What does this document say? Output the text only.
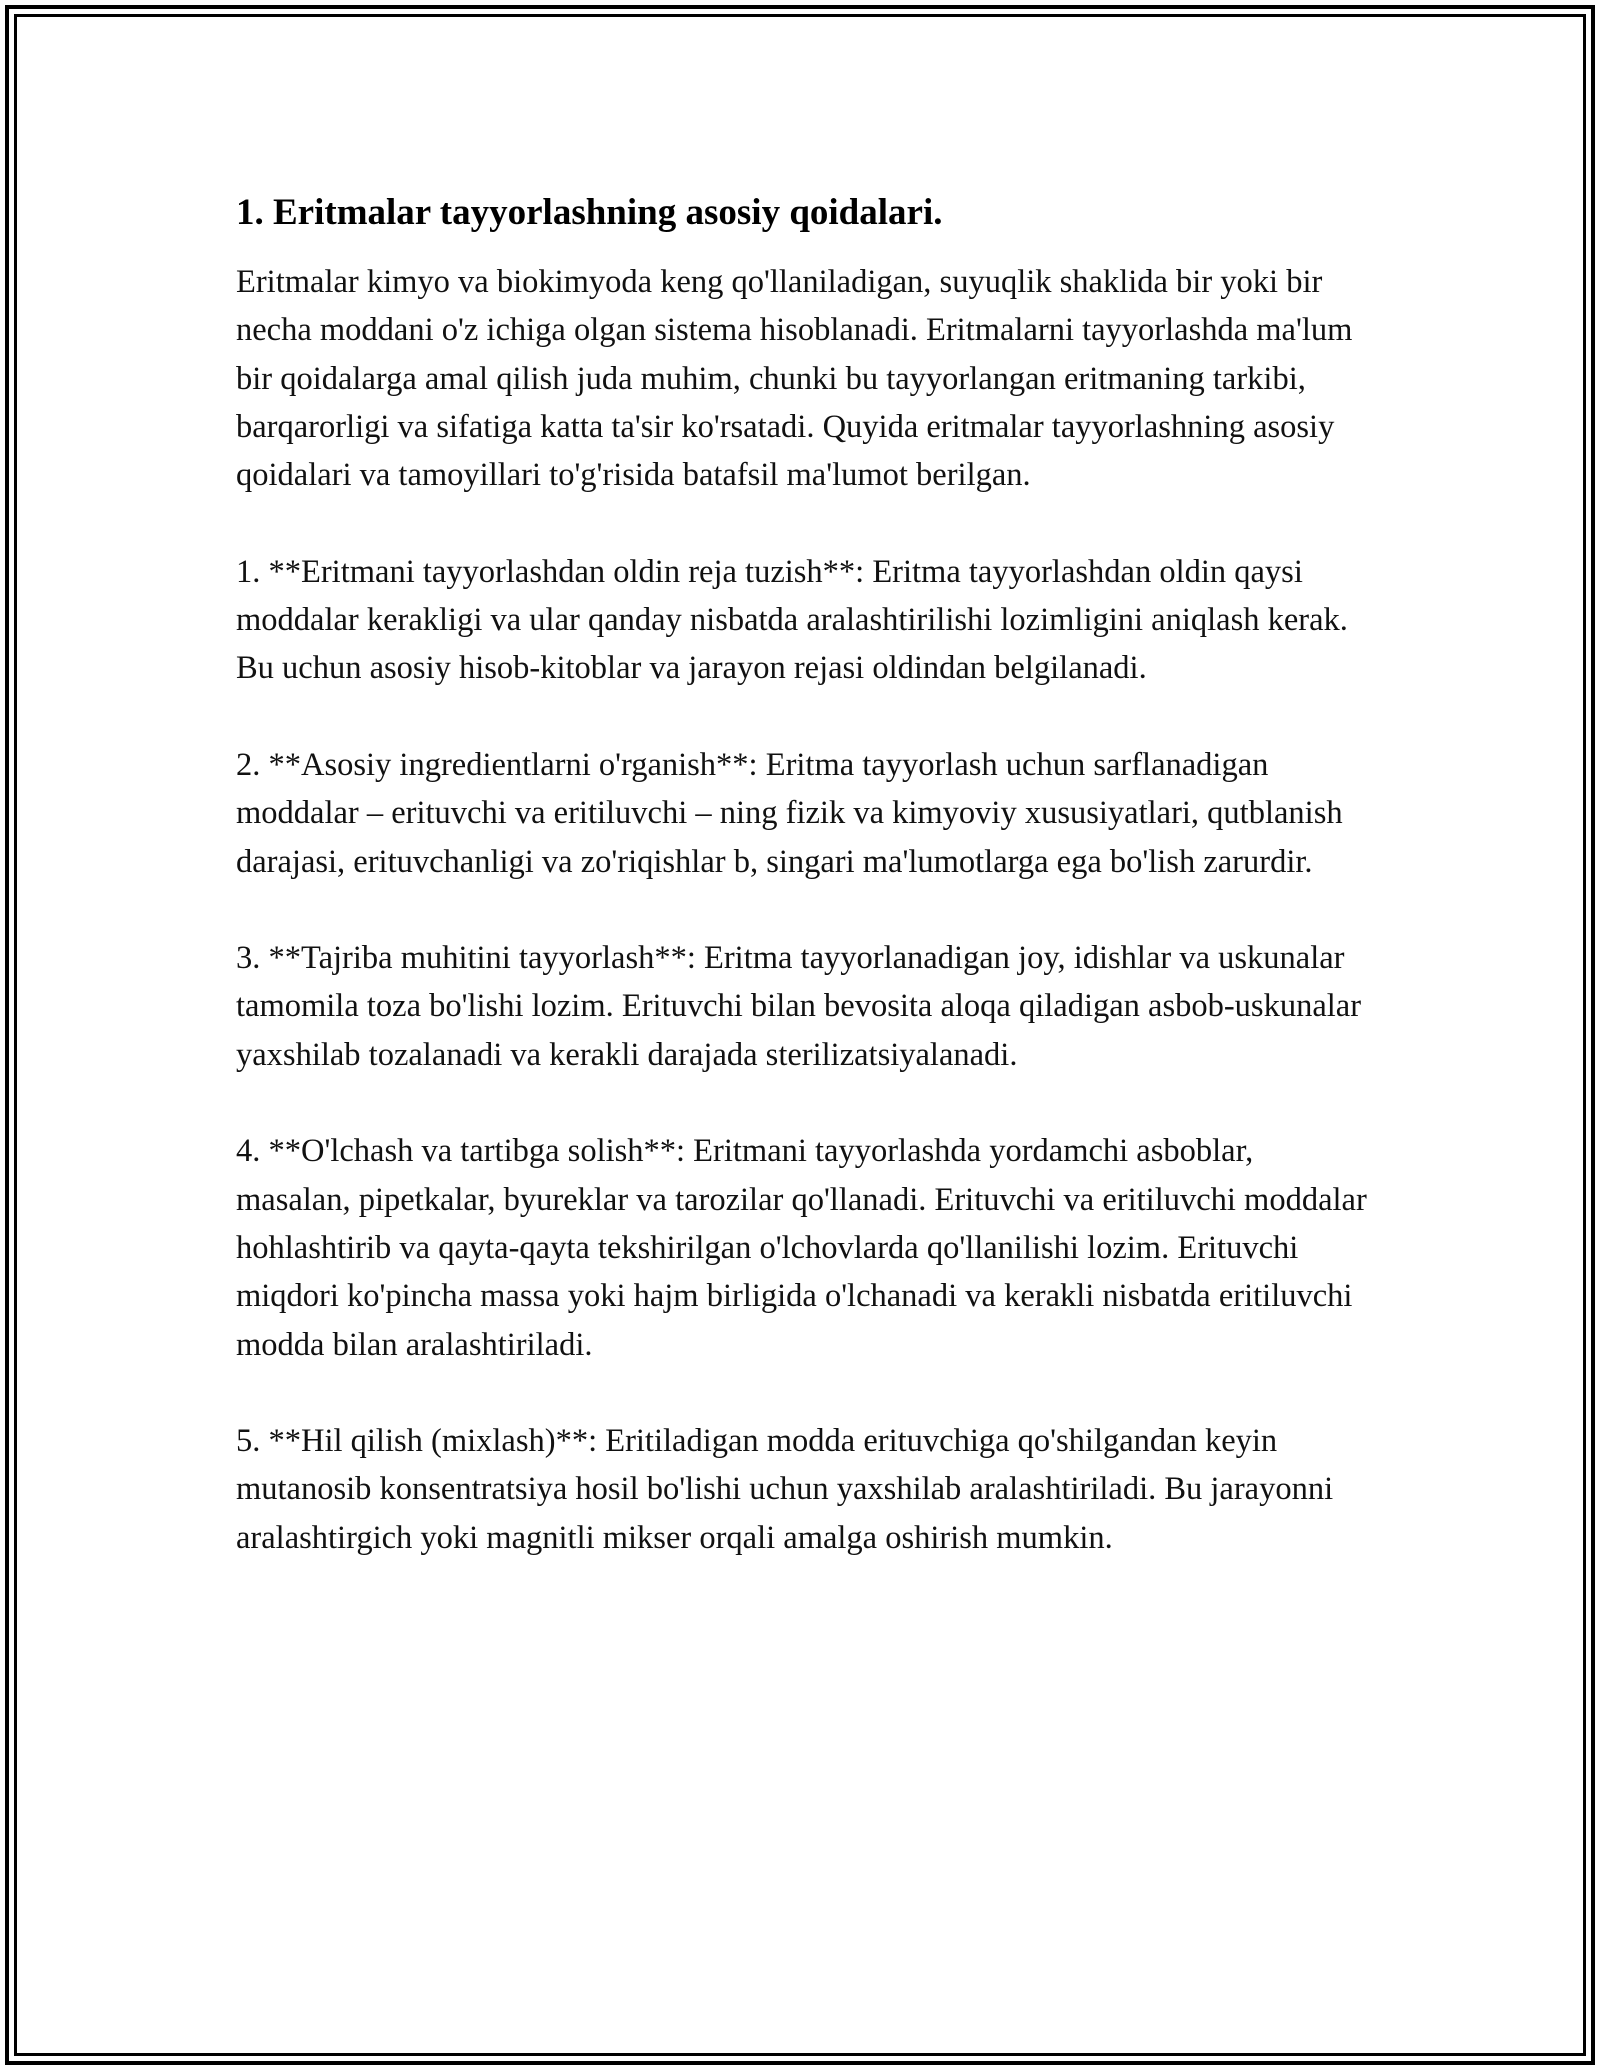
1. Eritmalar tayyorlashning asosiy qoidalari.

Eritmalar kimyo va biokimyoda keng qo'llaniladigan, suyuqlik shaklida bir yoki bir necha moddani o'z ichiga olgan sistema hisoblanadi. Eritmalarni tayyorlashda ma'lum bir qoidalarga amal qilish juda muhim, chunki bu tayyorlangan eritmaning tarkibi, barqarorligi va sifatiga katta ta'sir ko'rsatadi. Quyida eritmalar tayyorlashning asosiy qoidalari va tamoyillari to'g'risida batafsil ma'lumot berilgan.

1. **Eritmani tayyorlashdan oldin reja tuzish**: Eritma tayyorlashdan oldin qaysi moddalar kerakligi va ular qanday nisbatda aralashtirilishi lozimligini aniqlash kerak. Bu uchun asosiy hisob-kitoblar va jarayon rejasi oldindan belgilanadi.

2. **Asosiy ingredientlarni o'rganish**: Eritma tayyorlash uchun sarflanadigan moddalar – erituvchi va eritiluvchi – ning fizik va kimyoviy xususiyatlari, qutblanish darajasi, erituvchanligi va zo'riqishlar b, singari ma'lumotlarga ega bo'lish zarurdir.

3. **Tajriba muhitini tayyorlash**: Eritma tayyorlanadigan joy, idishlar va uskunalar tamomila toza bo'lishi lozim. Erituvchi bilan bevosita aloqa qiladigan asbob-uskunalar yaxshilab tozalanadi va kerakli darajada sterilizatsiyalanadi.

4. **O'lchash va tartibga solish**: Eritmani tayyorlashda yordamchi asboblar, masalan, pipetkalar, byureklar va tarozilar qo'llanadi. Erituvchi va eritiluvchi moddalar hohlashtirib va qayta-qayta tekshirilgan o'lchovlarda qo'llanilishi lozim. Erituvchi miqdori ko'pincha massa yoki hajm birligida o'lchanadi va kerakli nisbatda eritiluvchi modda bilan aralashtiriladi.

5. **Hil qilish (mixlash)**: Eritiladigan modda erituvchiga qo'shilgandan keyin mutanosib konsentratsiya hosil bo'lishi uchun yaxshilab aralashtiriladi. Bu jarayonni aralashtirgich yoki magnitli mikser orqali amalga oshirish mumkin.
